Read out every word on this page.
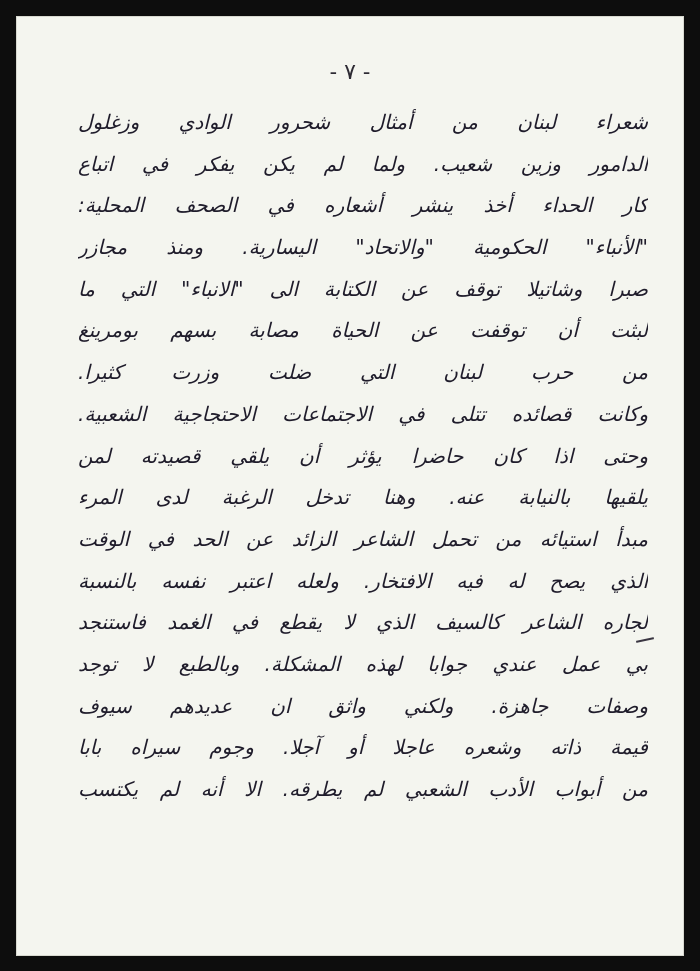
- ٧ -
شعراء لبنان من أمثال شحرور الوادي وزغلول
الدامور وزين شعيب. ولما لم يكن يفكر في اتباع
كار الحداء أخذ ينشر أشعاره في الصحف المحلية:
"الأنباء" الحكومية "والاتحاد" اليسارية. ومنذ مجازر
صبرا وشاتيلا توقف عن الكتابة الى "الانباء" التي ما
لبثت أن توقفت عن الحياة مصابة بسهم بومرينغ
من حرب لبنان التي ضلت وزرت كثيرا.
وكانت قصائده تتلى في الاجتماعات الاحتجاجية الشعبية.
وحتى اذا كان حاضرا يؤثر أن يلقي قصيدته لمن
يلقيها بالنيابة عنه. وهنا تدخل الرغبة لدى المرء
مبدأ استيائه من تحمل الشاعر الزائد عن الحد في الوقت
الذي يصح له فيه الافتخار. ولعله اعتبر نفسه بالنسبة
لجاره الشاعر كالسيف الذي لا يقطع في الغمد فاستنجد
بي عمل عندي جوابا لهذه المشكلة. وبالطبع لا توجد
وصفات جاهزة. ولكني واثق ان عديدهم سيوف
قيمة ذاته وشعره عاجلا أو آجلا. وجوم سيراه بابا
من أبواب الأدب الشعبي لم يطرقه. الا أنه لم يكتسب
